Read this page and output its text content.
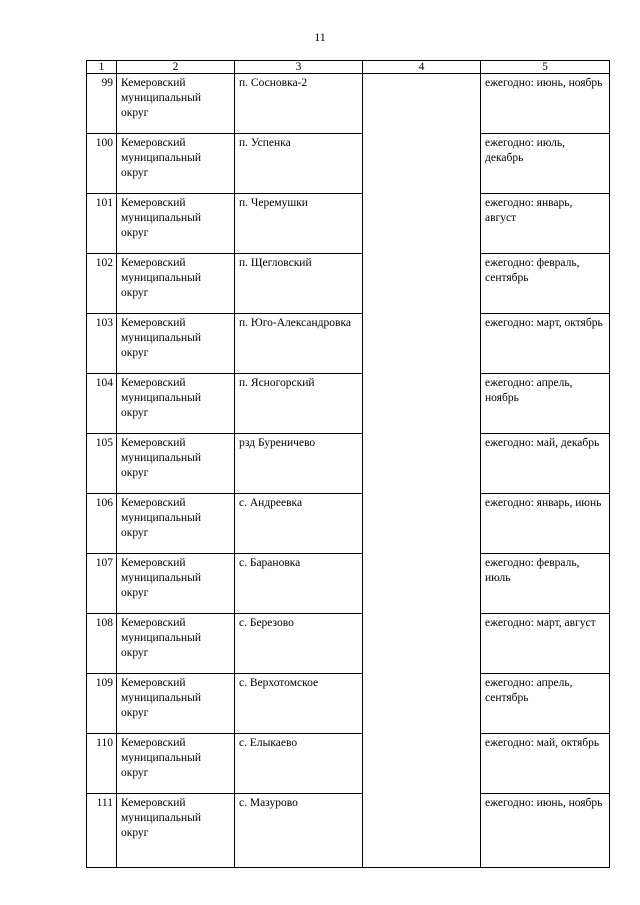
11
1	2	3	4	5
99	Кемеровский муниципальный округ	п. Сосновка-2		ежегодно: июнь, ноябрь
100	Кемеровский муниципальный округ	п. Успенка		ежегодно: июль, декабрь
101	Кемеровский муниципальный округ	п. Черемушки		ежегодно: январь, август
102	Кемеровский муниципальный округ	п. Щегловский		ежегодно: февраль, сентябрь
103	Кемеровский муниципальный округ	п. Юго-Александровка		ежегодно: март, октябрь
104	Кемеровский муниципальный округ	п. Ясногорский		ежегодно: апрель, ноябрь
105	Кемеровский муниципальный округ	рзд Буреничево		ежегодно: май, декабрь
106	Кемеровский муниципальный округ	с. Андреевка		ежегодно: январь, июнь
107	Кемеровский муниципальный округ	с. Барановка		ежегодно: февраль, июль
108	Кемеровский муниципальный округ	с. Березово		ежегодно: март, август
109	Кемеровский муниципальный округ	с. Верхотомское		ежегодно: апрель, сентябрь
110	Кемеровский муниципальный округ	с. Елыкаево		ежегодно: май, октябрь
111	Кемеровский муниципальный округ	с. Мазурово		ежегодно: июнь, ноябрь
